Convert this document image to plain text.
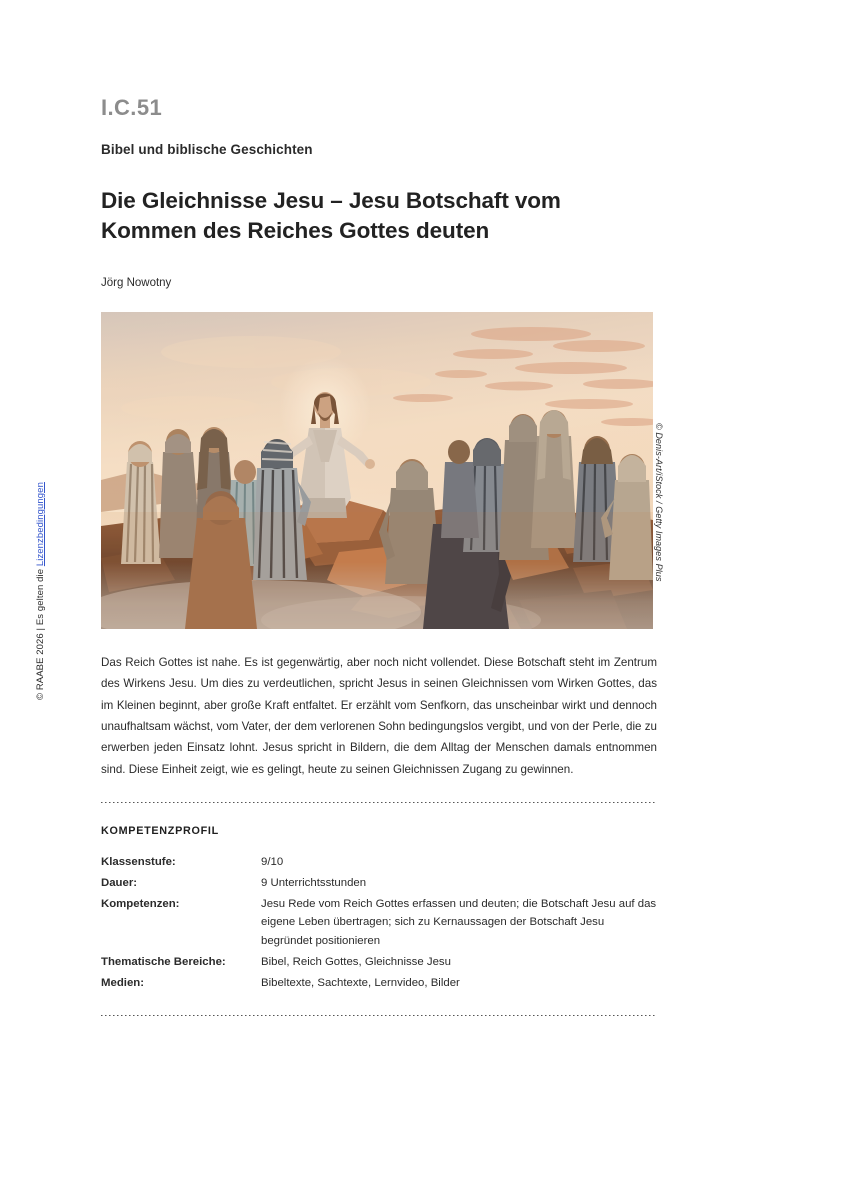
© RAABE 2026 | Es gelten die Lizenzbedingungen	© Denis-Art/iStock / Getty Images Plus
I.C.51
Bibel und biblische Geschichten
Die Gleichnisse Jesu – Jesu Botschaft vom Kommen des Reiches Gottes deuten
Jörg Nowotny

Das Reich Gottes ist nahe. Es ist gegenwärtig, aber noch nicht vollendet. Diese Botschaft steht im Zentrum des Wirkens Jesu. Um dies zu verdeutlichen, spricht Jesus in seinen Gleichnissen vom Wirken Gottes, das im Kleinen beginnt, aber große Kraft entfaltet. Er erzählt vom Senfkorn, das unscheinbar wirkt und dennoch unaufhaltsam wächst, vom Vater, der dem verlorenen Sohn bedingungslos vergibt, und von der Perle, die zu erwerben jeden Einsatz lohnt. Jesus spricht in Bildern, die dem Alltag der Menschen damals entnommen sind. Diese Einheit zeigt, wie es gelingt, heute zu seinen Gleichnissen Zugang zu gewinnen.

KOMPETENZPROFIL
Klassenstufe:	9/10
Dauer:	9 Unterrichtsstunden
Kompetenzen:	Jesu Rede vom Reich Gottes erfassen und deuten; die Botschaft Jesu auf das eigene Leben übertragen; sich zu Kernaussagen der Botschaft Jesu begründet positionieren
Thematische Bereiche:	Bibel, Reich Gottes, Gleichnisse Jesu
Medien:	Bibeltexte, Sachtexte, Lernvideo, Bilder
